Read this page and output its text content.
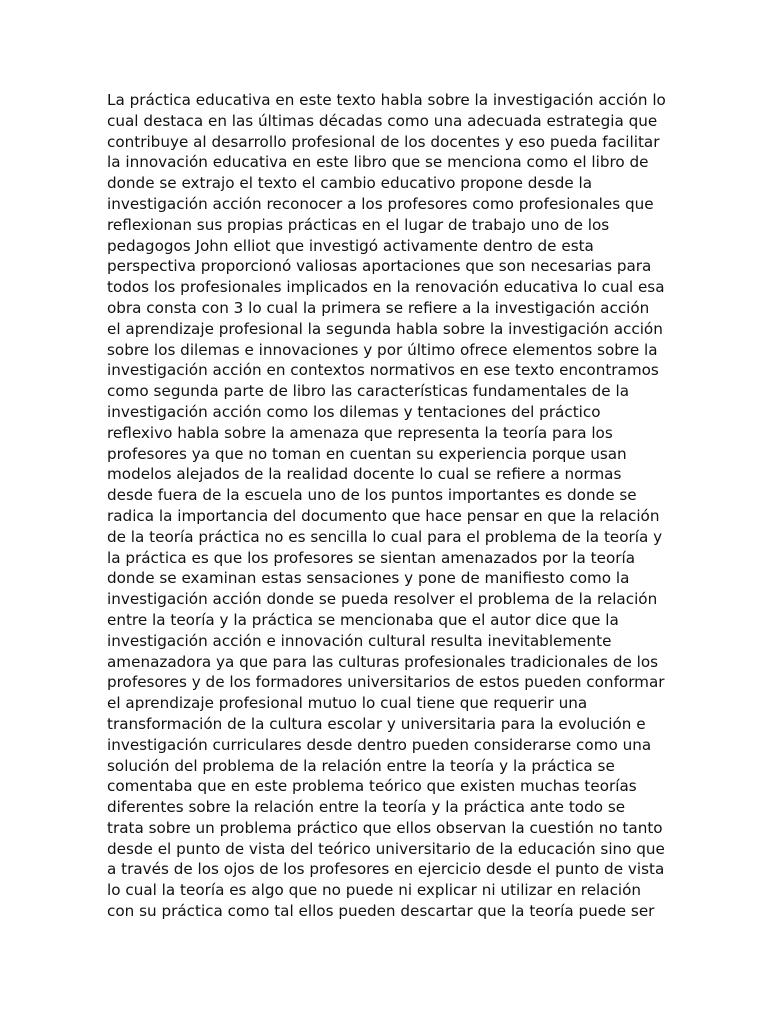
La práctica educativa en este texto habla sobre la investigación acción lo
cual destaca en las últimas décadas como una adecuada estrategia que
contribuye al desarrollo profesional de los docentes y eso pueda facilitar
la innovación educativa en este libro que se menciona como el libro de
donde se extrajo el texto el cambio educativo propone desde la
investigación acción reconocer a los profesores como profesionales que
reflexionan sus propias prácticas en el lugar de trabajo uno de los
pedagogos John elliot que investigó activamente dentro de esta
perspectiva proporcionó valiosas aportaciones que son necesarias para
todos los profesionales implicados en la renovación educativa lo cual esa
obra consta con 3 lo cual la primera se refiere a la investigación acción
el aprendizaje profesional la segunda habla sobre la investigación acción
sobre los dilemas e innovaciones y por último ofrece elementos sobre la
investigación acción en contextos normativos en ese texto encontramos
como segunda parte de libro las características fundamentales de la
investigación acción como los dilemas y tentaciones del práctico
reflexivo habla sobre la amenaza que representa la teoría para los
profesores ya que no toman en cuentan su experiencia porque usan
modelos alejados de la realidad docente lo cual se refiere a normas
desde fuera de la escuela uno de los puntos importantes es donde se
radica la importancia del documento que hace pensar en que la relación
de la teoría práctica no es sencilla lo cual para el problema de la teoría y
la práctica es que los profesores se sientan amenazados por la teoría
donde se examinan estas sensaciones y pone de manifiesto como la
investigación acción donde se pueda resolver el problema de la relación
entre la teoría y la práctica se mencionaba que el autor dice que la
investigación acción e innovación cultural resulta inevitablemente
amenazadora ya que para las culturas profesionales tradicionales de los
profesores y de los formadores universitarios de estos pueden conformar
el aprendizaje profesional mutuo lo cual tiene que requerir una
transformación de la cultura escolar y universitaria para la evolución e
investigación curriculares desde dentro pueden considerarse como una
solución del problema de la relación entre la teoría y la práctica se
comentaba que en este problema teórico que existen muchas teorías
diferentes sobre la relación entre la teoría y la práctica ante todo se
trata sobre un problema práctico que ellos observan la cuestión no tanto
desde el punto de vista del teórico universitario de la educación sino que
a través de los ojos de los profesores en ejercicio desde el punto de vista
lo cual la teoría es algo que no puede ni explicar ni utilizar en relación
con su práctica como tal ellos pueden descartar que la teoría puede ser
